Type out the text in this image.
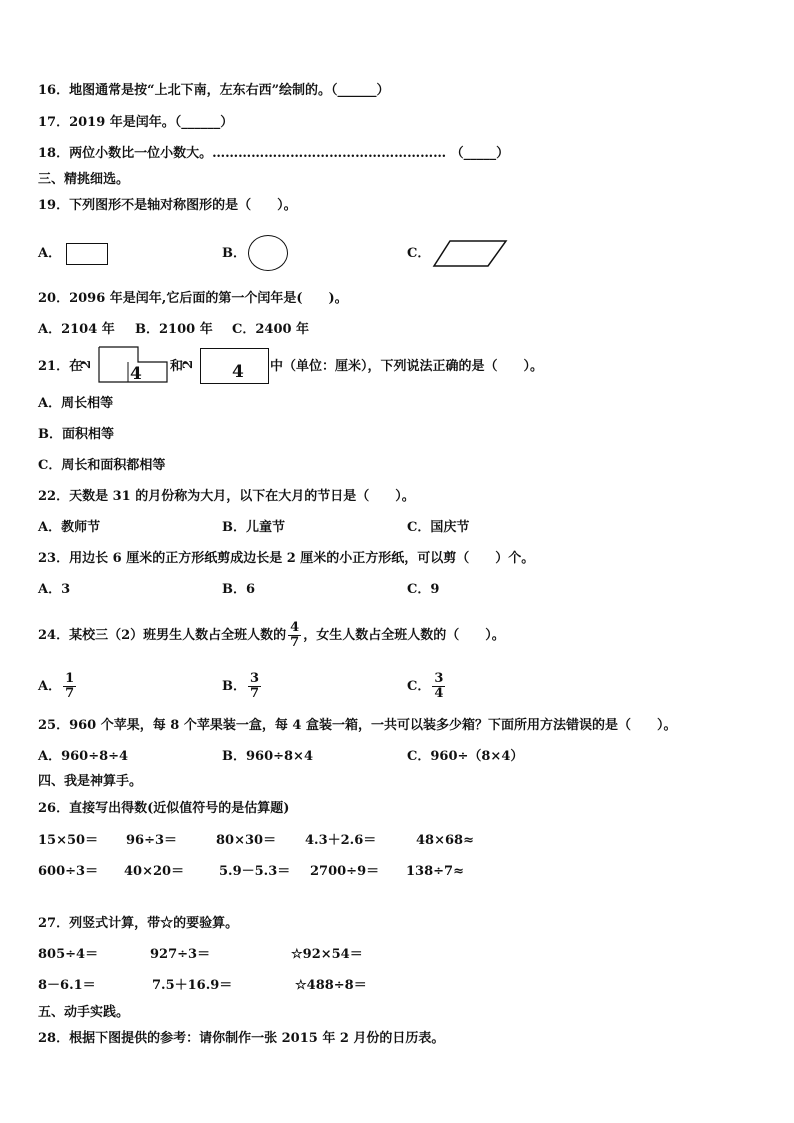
16．地图通常是按“上北下南，左东右西”绘制的。（______）
17．2019 年是闰年。（______）
18．两位小数比一位小数大。……………………………………………… （_____）
三、精挑细选。
19．下列图形不是轴对称图形的是（　　）。
A．	B．	C．
20．2096 年是闰年,它后面的第一个闰年是(　　)。
A．2104 年 B．2100 年 C．2400 年
21．在
2 4 和
2 4 中（单位：厘米），下列说法正确的是（　　）。
A．周长相等
B．面积相等
C．周长和面积都相等
22．天数是 31 的月份称为大月，以下在大月的节日是（　　）。
A．教师节	B．儿童节	C．国庆节
23．用边长 6 厘米的正方形纸剪成边长是 2 厘米的小正方形纸，可以剪（　　）个。
A．3	B．6	C．9
24．某校三（2）班男生人数占全班人数的 $\frac{4}{7}$ ，女生人数占全班人数的（　　）。
A． $\frac{1}{7}$	B． $\frac{3}{7}$	C． $\frac{3}{4}$
25．960 个苹果，每 8 个苹果装一盒，每 4 盒装一箱，一共可以装多少箱？下面所用方法错误的是（　　）。
A．960÷8÷4	B．960÷8×4	C．960÷（8×4）
四、我是神算手。
26．直接写出得数(近似值符号的是估算题)
15×50＝ 96÷3＝	80×30＝ 4.3＋2.6＝	48×68≈
600÷3＝ 40×20＝	5.9－5.3＝ 2700÷9＝ 138÷7≈
27．列竖式计算，带☆的要验算。
805÷4＝	927÷3＝	☆92×54＝
8－6.1＝	7.5＋16.9＝	☆488÷8＝
五、动手实践。
28．根据下图提供的参考：请你制作一张 2015 年 2 月份的日历表。
